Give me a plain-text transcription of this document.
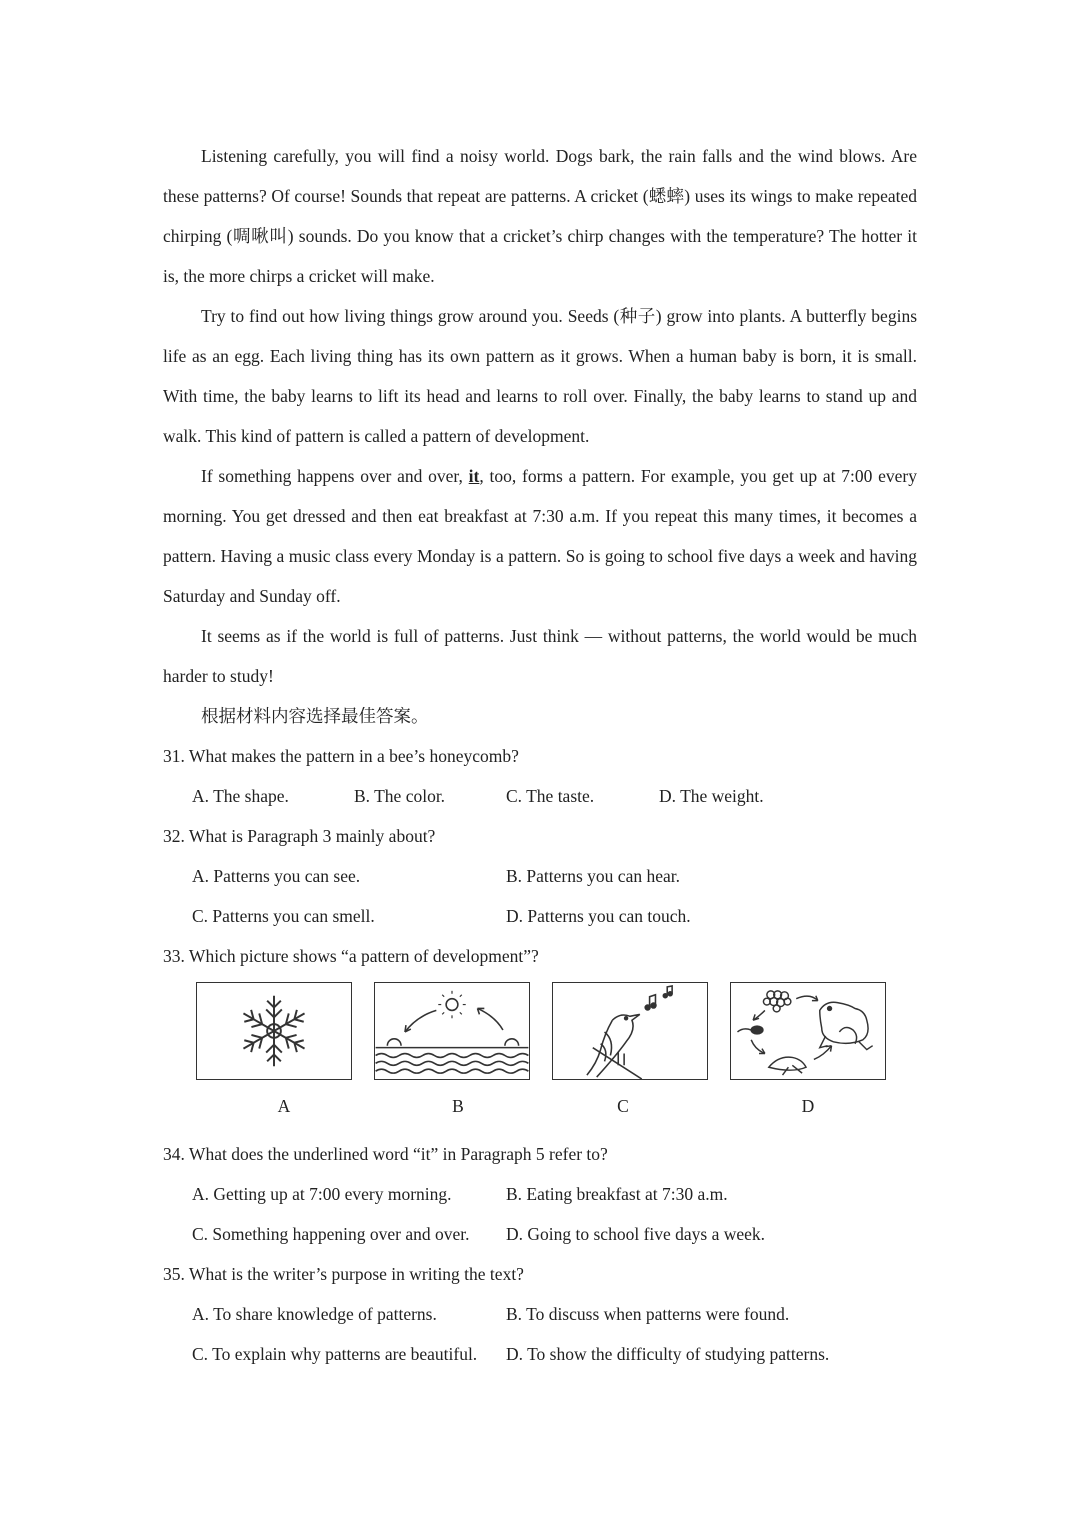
Listening carefully, you will find a noisy world. Dogs bark, the rain falls and the wind blows. Are these patterns? Of course! Sounds that repeat are patterns. A cricket (蟋蟀) uses its wings to make repeated chirping (啁啾叫) sounds. Do you know that a cricket’s chirp changes with the temperature? The hotter it is, the more chirps a cricket will make.

Try to find out how living things grow around you. Seeds (种子) grow into plants. A butterfly begins life as an egg. Each living thing has its own pattern as it grows. When a human baby is born, it is small. With time, the baby learns to lift its head and learns to roll over. Finally, the baby learns to stand up and walk. This kind of pattern is called a pattern of development.

If something happens over and over, it, too, forms a pattern. For example, you get up at 7:00 every morning. You get dressed and then eat breakfast at 7:30 a.m. If you repeat this many times, it becomes a pattern. Having a music class every Monday is a pattern. So is going to school five days a week and having Saturday and Sunday off.

It seems as if the world is full of patterns. Just think — without patterns, the world would be much harder to study!

根据材料内容选择最佳答案。

31. What makes the pattern in a bee’s honeycomb?

A. The shape.	B. The color.	C. The taste.	D. The weight.

32. What is Paragraph 3 mainly about?

A. Patterns you can see.	B. Patterns you can hear.
C. Patterns you can smell.	D. Patterns you can touch.

33. Which picture shows “a pattern of development”?

A	B	C	D

34. What does the underlined word “it” in Paragraph 5 refer to?

A. Getting up at 7:00 every morning.	B. Eating breakfast at 7:30 a.m.
C. Something happening over and over.	D. Going to school five days a week.

35. What is the writer’s purpose in writing the text?

A. To share knowledge of patterns.	B. To discuss when patterns were found.
C. To explain why patterns are beautiful.	D. To show the difficulty of studying patterns.
